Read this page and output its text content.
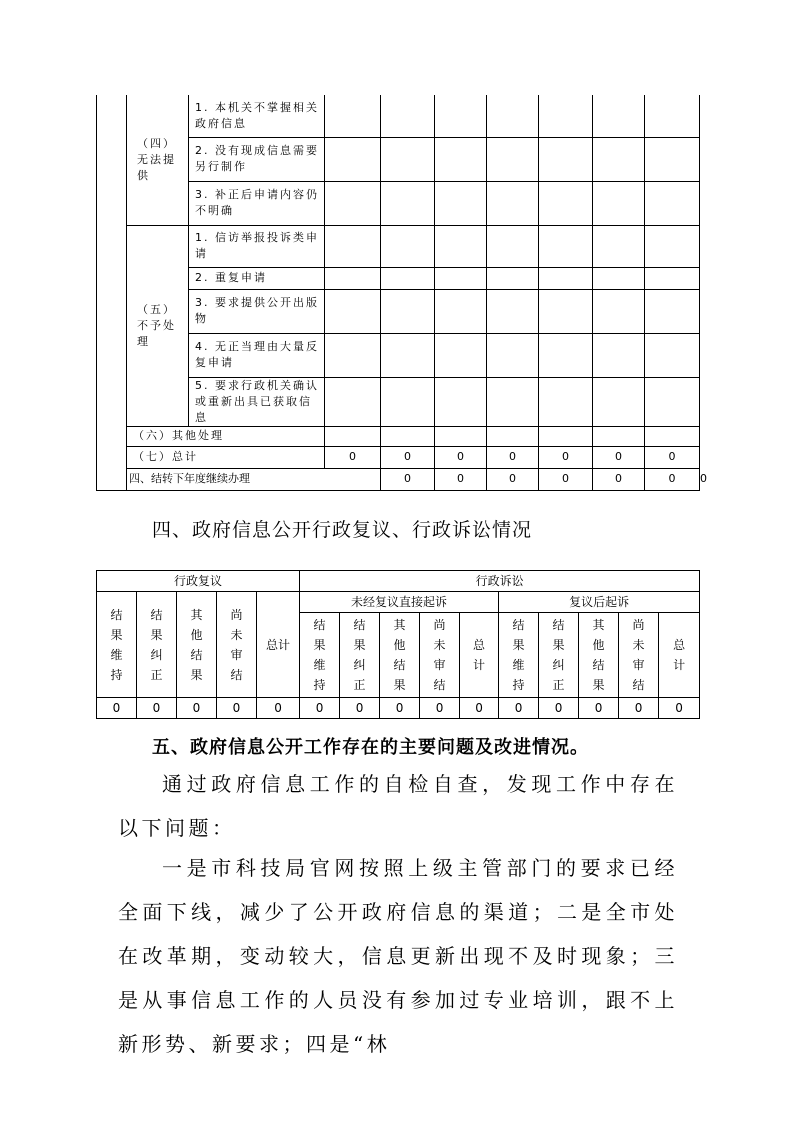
	（四）无法提供	1. 本机关不掌握相关政府信息								
		2. 没有现成信息需要另行制作								
		3. 补正后申请内容仍不明确								
	（五）不予处理	1. 信访举报投诉类申请								
		2. 重复申请								
		3. 要求提供公开出版物								
		4. 无正当理由大量反复申请								
		5. 要求行政机关确认或重新出具已获取信息								
	（六）其他处理									
	（七）总计		0	0	0	0	0	0	0	
	四、结转下年度继续办理			0	0	0	0	0	0	0
四、政府信息公开行政复议、行政诉讼情况
行政复议					行政诉讼									
结果维持	结果纠正	其他结果	尚未审结	总计	未经复议直接起诉					复议后起诉				
					结果维持	结果纠正	其他结果	尚未审结	总计	结果维持	结果纠正	其他结果	尚未审结	总计
0	0	0	0	0	0	0	0	0	0	0	0	0	0	0
五、政府信息公开工作存在的主要问题及改进情况。
通过政府信息工作的自检自查，发现工作中存在以下问题：
一是市科技局官网按照上级主管部门的要求已经全面下线，减少了公开政府信息的渠道；二是全市处在改革期，变动较大，信息更新出现不及时现象；三是从事信息工作的人员没有参加过专业培训，跟不上新形势、新要求；四是“林
